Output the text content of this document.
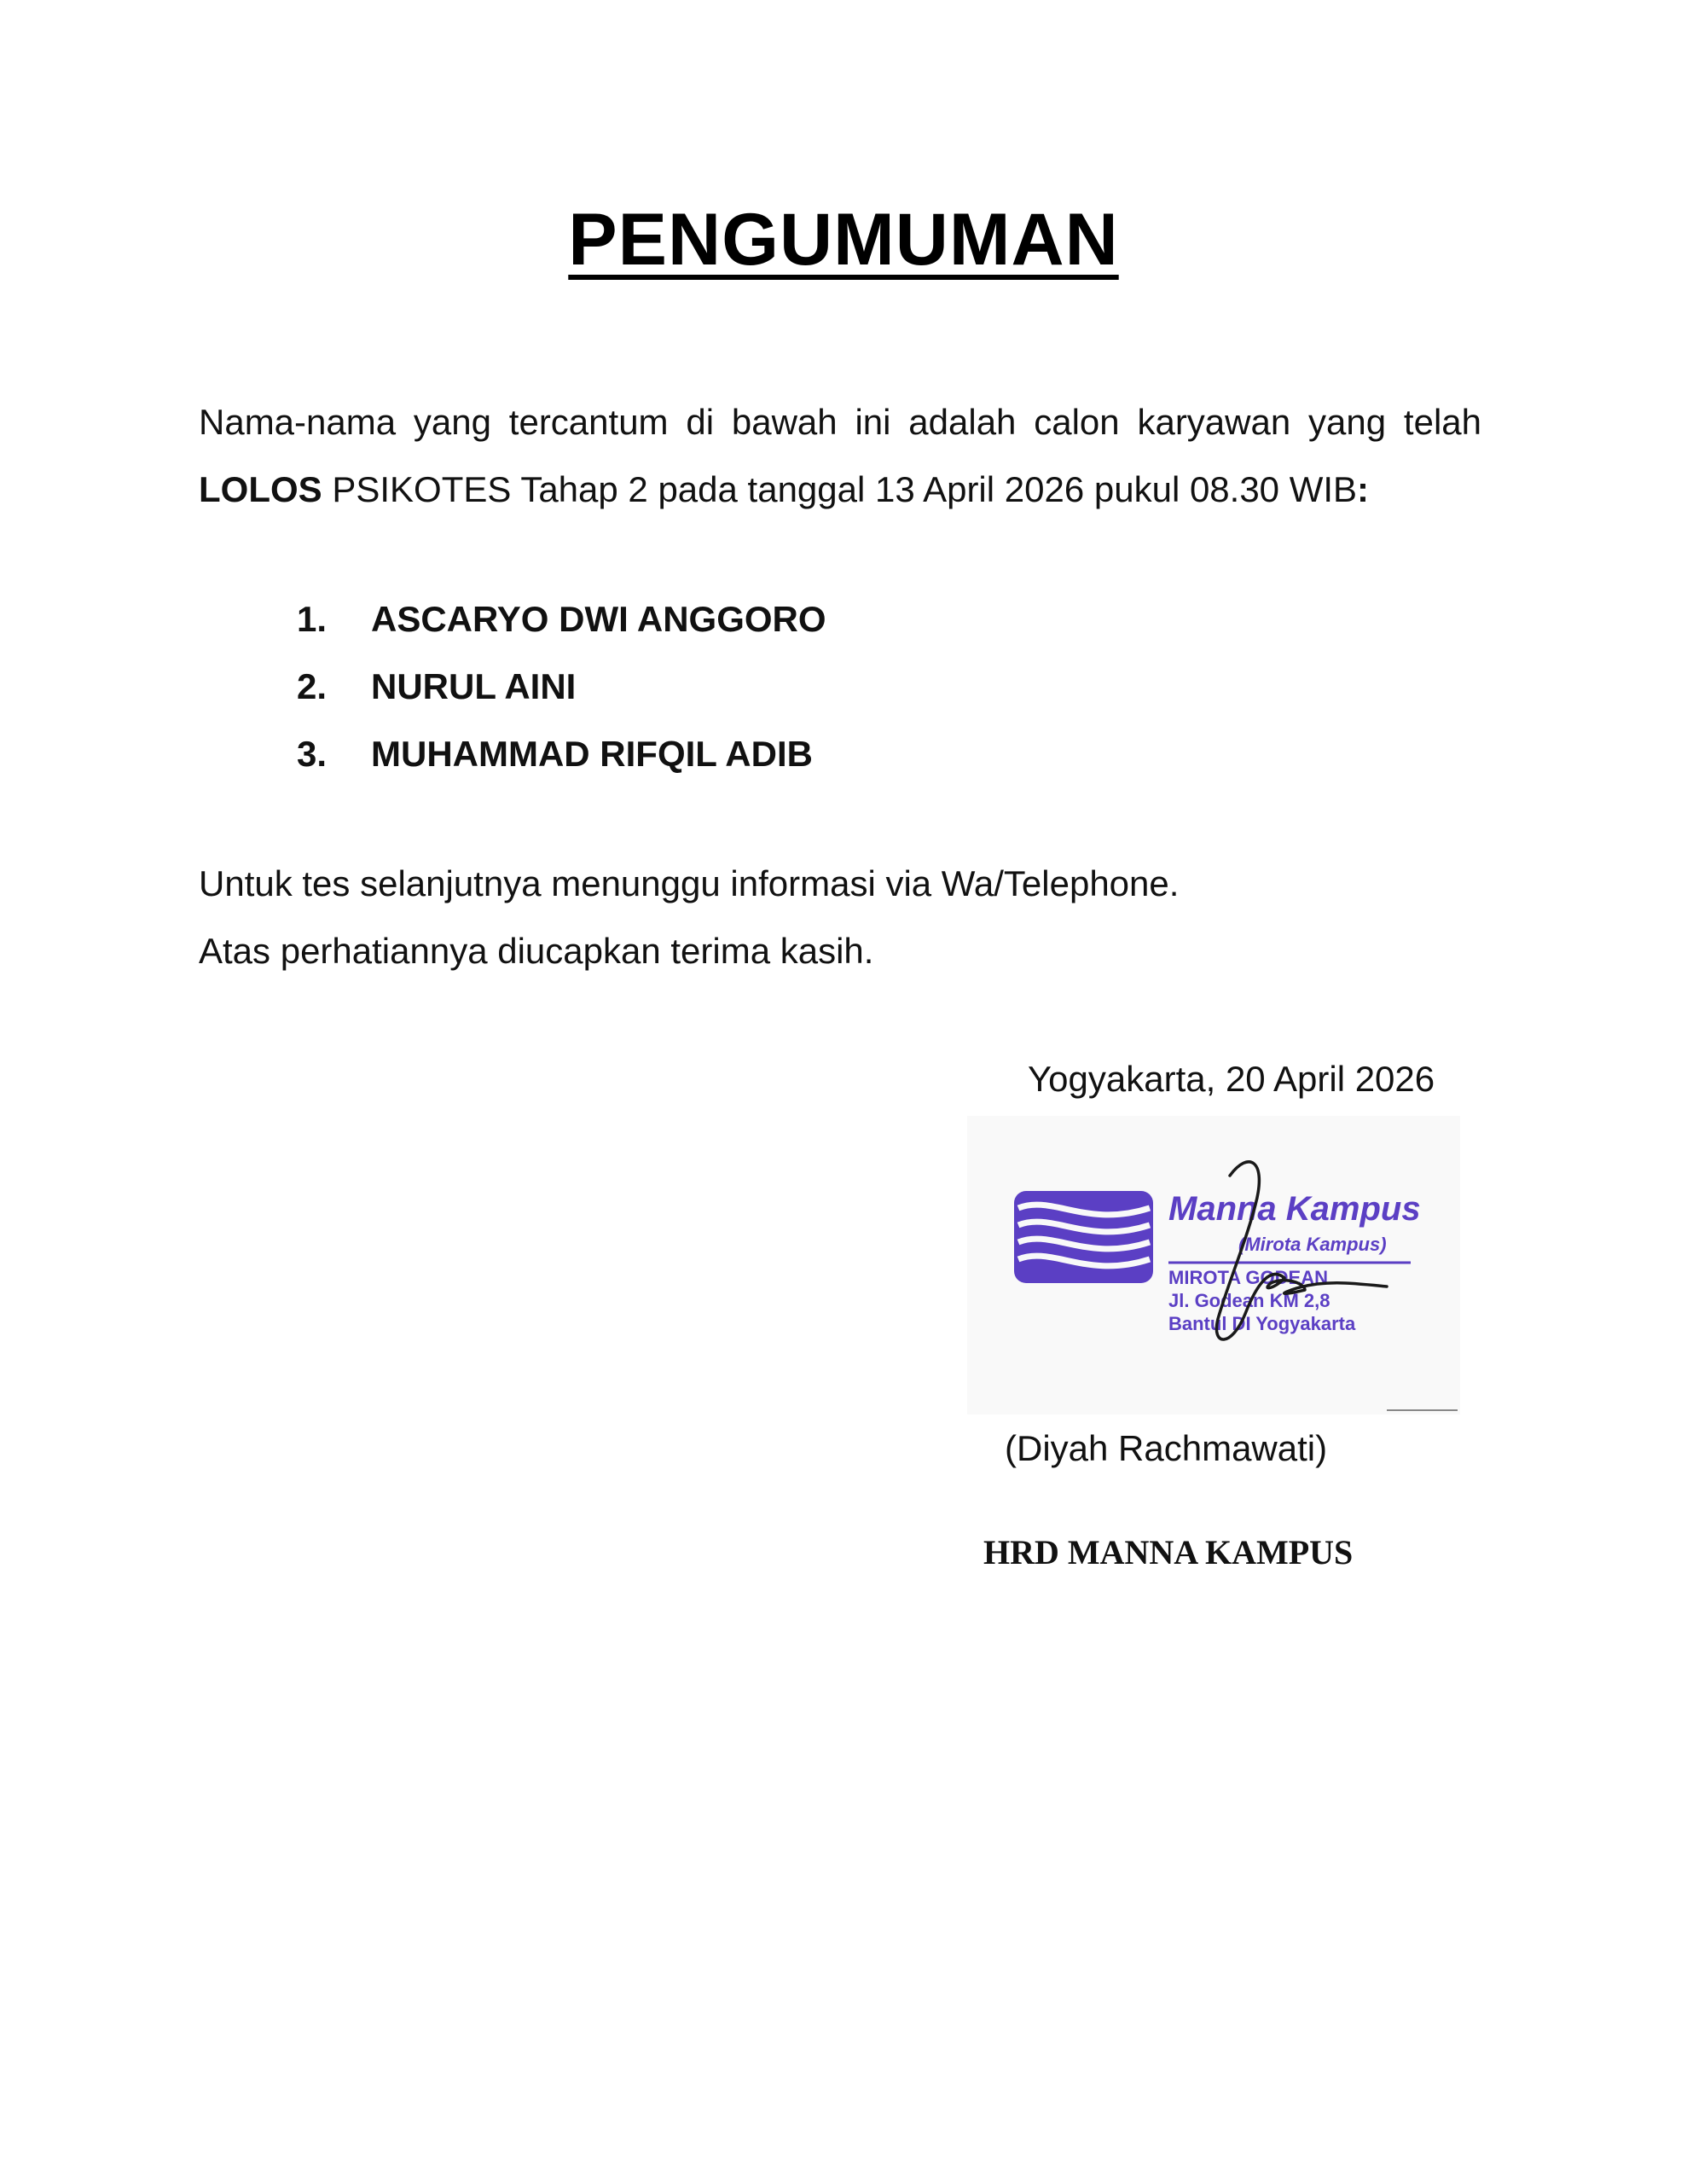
PENGUMUMAN

Nama-nama yang tercantum di bawah ini adalah calon karyawan yang telah LOLOS PSIKOTES Tahap 2 pada tanggal 13 April 2026 pukul 08.30 WIB:

1. ASCARYO DWI ANGGORO
2. NURUL AINI
3. MUHAMMAD RIFQIL ADIB
Untuk tes selanjutnya menunggu informasi via Wa/Telephone.
Atas perhatiannya diucapkan terima kasih.
Yogyakarta, 20 April 2026
Manna Kampus
(Mirota Kampus)
MIROTA GODEAN
Jl. Godean KM 2,8
Bantul DI Yogyakarta
(Diyah Rachmawati)
HRD MANNA KAMPUS
